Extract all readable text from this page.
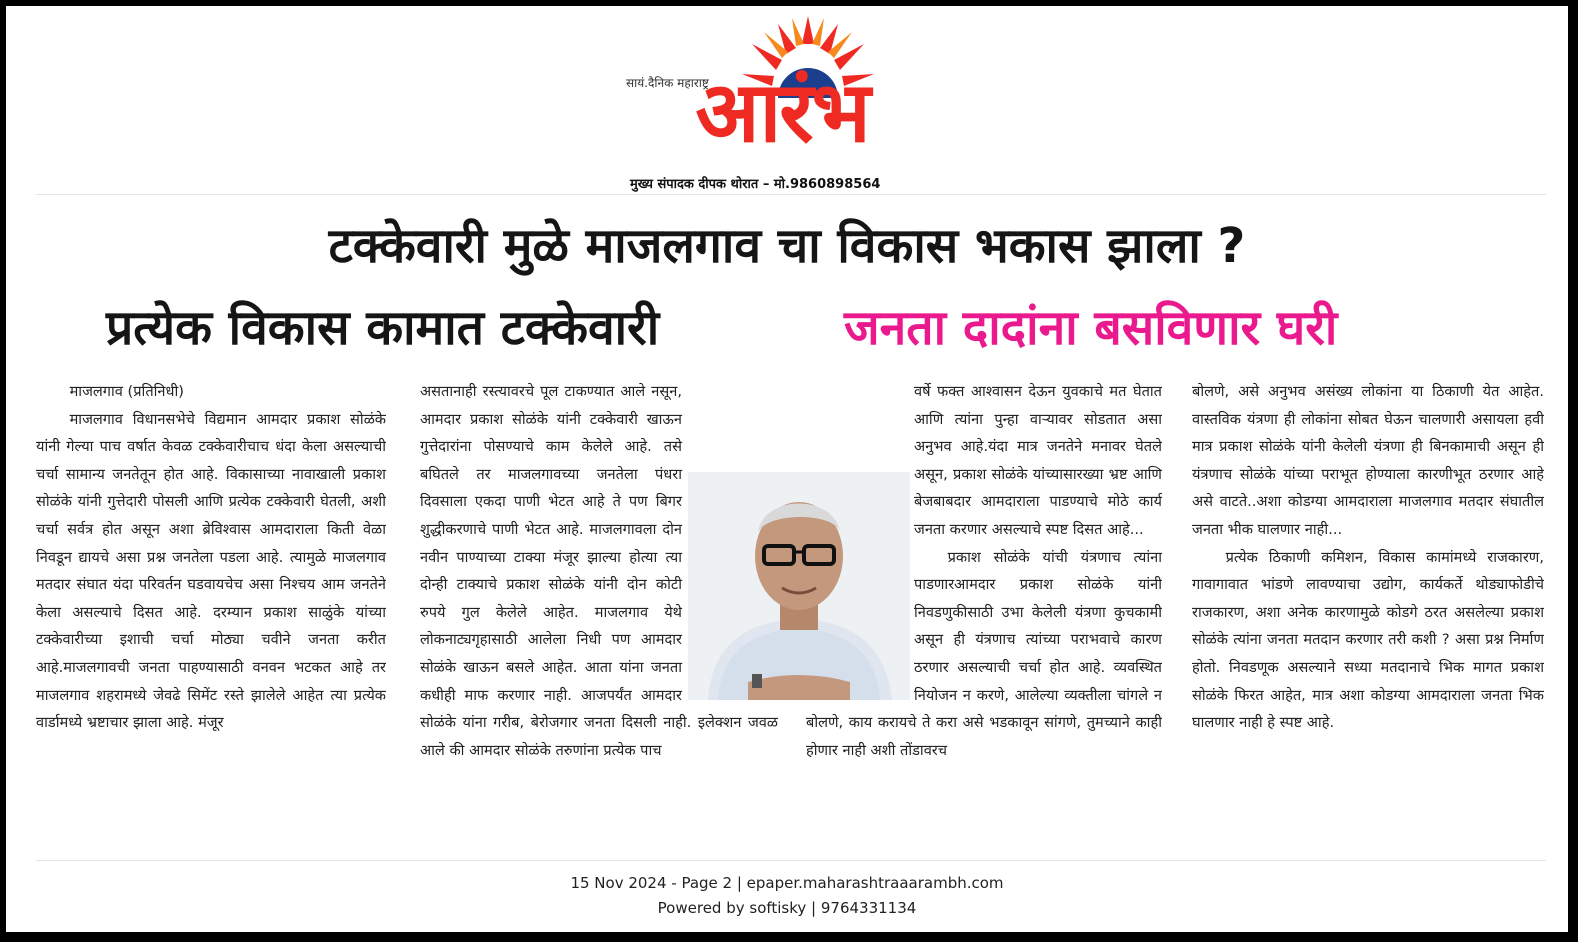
सायं.दैनिक महाराष्ट्र
आरंभ
मुख्य संपादक दीपक थोरात – मो.9860898564
टक्केवारी मुळे माजलगाव चा विकास भकास झाला ?
प्रत्येक विकास कामात टक्केवारी	जनता दादांना बसविणार घरी

माजलगाव (प्रतिनिधी)

माजलगाव विधानसभेचे विद्यमान आमदार प्रकाश सोळंके यांनी गेल्या पाच वर्षात केवळ टक्केवारीचाच धंदा केला असल्याची चर्चा सामान्य जनतेतून होत आहे. विकासाच्या नावाखाली प्रकाश सोळंके यांनी गुत्तेदारी पोसली आणि प्रत्येक टक्केवारी घेतली, अशी चर्चा सर्वत्र होत असून अशा ब्रेविश्वास आमदाराला किती वेळा निवडून द्यायचे असा प्रश्न जनतेला पडला आहे. त्यामुळे माजलगाव मतदार संघात यंदा परिवर्तन घडवायचेच असा निश्चय आम जनतेने केला असल्याचे दिसत आहे. दरम्यान प्रकाश साळुंके यांच्या टक्केवारीच्या इशाची चर्चा मोठ्या चवीने जनता करीत आहे.माजलगावची जनता पाहण्यासाठी वनवन भटकत आहे तर माजलगाव शहरामध्ये जेवढे सिमेंट रस्ते झालेले आहेत त्या प्रत्येक वार्डामध्ये भ्रष्टाचार झाला आहे. मंजूर

असतानाही रस्त्यावरचे पूल टाकण्यात आले नसून, आमदार प्रकाश सोळंके यांनी टक्केवारी खाऊन गुत्तेदारांना पोसण्याचे काम केलेले आहे. तसे बघितले तर माजलगावच्या जनतेला पंधरा दिवसाला एकदा पाणी भेटत आहे ते पण बिगर शुद्धीकरणाचे पाणी भेटत आहे. माजलगावला दोन नवीन पाण्याच्या टाक्या मंजूर झाल्या होत्या त्या दोन्ही टाक्याचे प्रकाश सोळंके यांनी दोन कोटी रुपये गुल केलेले आहेत. माजलगाव येथे लोकनाट्यगृहासाठी आलेला निधी पण आमदार सोळंके खाऊन बसले आहेत. आता यांना जनता कधीही माफ करणार नाही. आजपर्यंत आमदार सोळंके यांना गरीब, बेरोजगार जनता दिसली नाही. इलेक्शन जवळ आले की आमदार सोळंके तरुणांना प्रत्येक पाच

वर्षे फक्त आश्वासन देऊन युवकाचे मत घेतात आणि त्यांना पुन्हा वाऱ्यावर सोडतात असा अनुभव आहे.यंदा मात्र जनतेने मनावर घेतले असून, प्रकाश सोळंके यांच्यासारख्या भ्रष्ट आणि बेजबाबदार आमदाराला पाडण्याचे मोठे कार्य जनता करणार असल्याचे स्पष्ट दिसत आहे...

प्रकाश सोळंके यांची यंत्रणाच त्यांना पाडणारआमदार प्रकाश सोळंके यांनी निवडणुकीसाठी उभा केलेली यंत्रणा कुचकामी असून ही यंत्रणाच त्यांच्या पराभवाचे कारण ठरणार असल्याची चर्चा होत आहे. व्यवस्थित नियोजन न करणे, आलेल्या व्यक्तीला चांगले न बोलणे, काय करायचे ते करा असे भडकावून सांगणे, तुमच्याने काही होणार नाही अशी तोंडावरच

बोलणे, असे अनुभव असंख्य लोकांना या ठिकाणी येत आहेत. वास्तविक यंत्रणा ही लोकांना सोबत घेऊन चालणारी असायला हवी मात्र प्रकाश सोळंके यांनी केलेली यंत्रणा ही बिनकामाची असून ही यंत्रणाच सोळंके यांच्या पराभूत होण्याला कारणीभूत ठरणार आहे असे वाटते..अशा कोडग्या आमदाराला माजलगाव मतदार संघातील जनता भीक घालणार नाही...

प्रत्येक ठिकाणी कमिशन, विकास कामांमध्ये राजकारण, गावागावात भांडणे लावण्याचा उद्योग, कार्यकर्ते थोड्याफोडीचे राजकारण, अशा अनेक कारणामुळे कोडगे ठरत असलेल्या प्रकाश सोळंके त्यांना जनता मतदान करणार तरी कशी ? असा प्रश्न निर्माण होतो. निवडणूक असल्याने सध्या मतदानाचे भिक मागत प्रकाश सोळंके फिरत आहेत, मात्र अशा कोडग्या आमदाराला जनता भिक घालणार नाही हे स्पष्ट आहे.

15 Nov 2024 - Page 2 | epaper.maharashtraaarambh.com
Powered by softisky | 9764331134
